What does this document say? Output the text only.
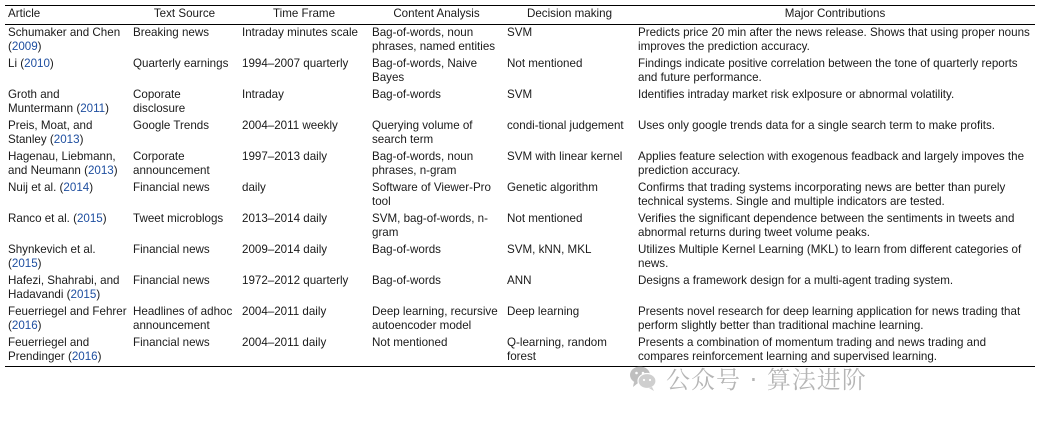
Article	Text Source	Time Frame	Content Analysis	Decision making	Major Contributions
Schumaker and Chen (2009)	Breaking news	Intraday minutes scale	Bag-of-words, noun phrases, named entities	SVM	Predicts price 20 min after the news release. Shows that using proper nouns improves the prediction accuracy.
Li (2010)	Quarterly earnings	1994–2007 quarterly	Bag-of-words, Naive Bayes	Not mentioned	Findings indicate positive correlation between the tone of quarterly reports and future performance.
Groth and Muntermann (2011)	Coporate disclosure	Intraday	Bag-of-words	SVM	Identifies intraday market risk exlposure or abnormal volatility.
Preis, Moat, and Stanley (2013)	Google Trends	2004–2011 weekly	Querying volume of search term	condi-tional judgement	Uses only google trends data for a single search term to make profits.
Hagenau, Liebmann, and Neumann (2013)	Corporate announcement	1997–2013 daily	Bag-of-words, noun phrases, n-gram	SVM with linear kernel	Applies feature selection with exogenous feadback and largely impoves the prediction accuracy.
Nuij et al. (2014)	Financial news	daily	Software of Viewer-Pro tool	Genetic algorithm	Confirms that trading systems incorporating news are better than purely technical systems. Single and multiple indicators are tested.
Ranco et al. (2015)	Tweet microblogs	2013–2014 daily	SVM, bag-of-words, n-gram	Not mentioned	Verifies the significant dependence between the sentiments in tweets and abnormal returns during tweet volume peaks.
Shynkevich et al. (2015)	Financial news	2009–2014 daily	Bag-of-words	SVM, kNN, MKL	Utilizes Multiple Kernel Learning (MKL) to learn from different categories of news.
Hafezi, Shahrabi, and Hadavandi (2015)	Financial news	1972–2012 quarterly	Bag-of-words	ANN	Designs a framework design for a multi-agent trading system.
Feuerriegel and Fehrer (2016)	Headlines of adhoc announcement	2004–2011 daily	Deep learning, recursive autoencoder model	Deep learning	Presents novel research for deep learning application for news trading that perform slightly better than traditional machine learning.
Feuerriegel and Prendinger (2016)	Financial news	2004–2011 daily	Not mentioned	Q-learning, random forest	Presents a combination of momentum trading and news trading and compares reinforcement learning and supervised learning.
公众号 · 算法进阶
